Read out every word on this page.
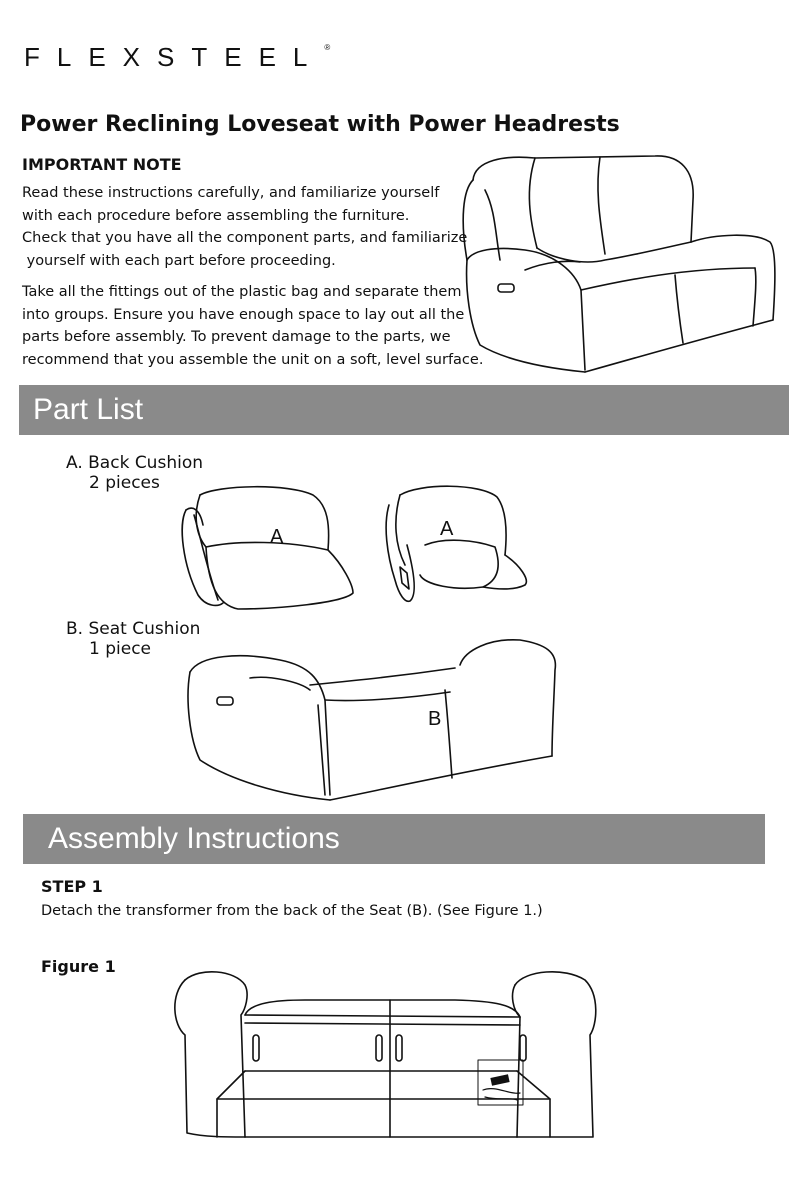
FLEXSTEEL®
Power Reclining Loveseat with Power Headrests
IMPORTANT NOTE
Read these instructions carefully, and familiarize yourself
with each procedure before assembling the furniture.
Check that you have all the component parts, and familiarize
yourself with each part before proceeding.
Take all the fittings out of the plastic bag and separate them
into groups. Ensure you have enough space to lay out all the
parts before assembly. To prevent damage to the parts, we
recommend that you assemble the unit on a soft, level surface.
Part List
A. Back Cushion
2 pieces
A	A
B. Seat Cushion
1 piece
B
Assembly Instructions
STEP 1
Detach the transformer from the back of the Seat (B). (See Figure 1.)
Figure 1
